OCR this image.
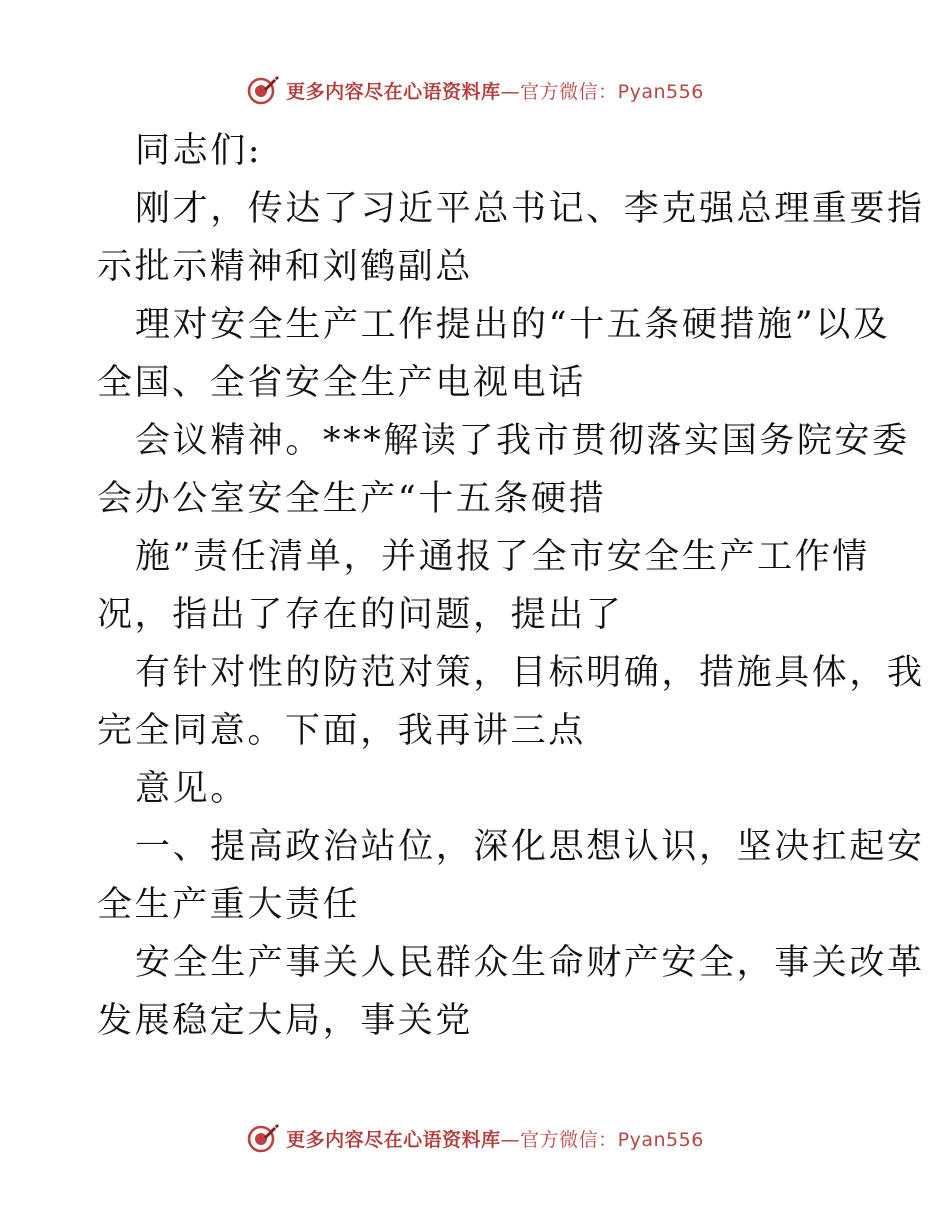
更多内容尽在心语资料库—官方微信：Pyan556
同志们:
刚才，传达了习近平总书记、李克强总理重要指
示批示精神和刘鹤副总
理对安全生产工作提出的“十五条硬措施”以及
全国、全省安全生产电视电话
会议精神。***解读了我市贯彻落实国务院安委
会办公室安全生产“十五条硬措
施”责任清单，并通报了全市安全生产工作情
况，指出了存在的问题，提出了
有针对性的防范对策，目标明确，措施具体，我
完全同意。下面，我再讲三点
意见。
一、提高政治站位，深化思想认识，坚决扛起安
全生产重大责任
安全生产事关人民群众生命财产安全，事关改革
发展稳定大局，事关党
更多内容尽在心语资料库—官方微信：Pyan556
